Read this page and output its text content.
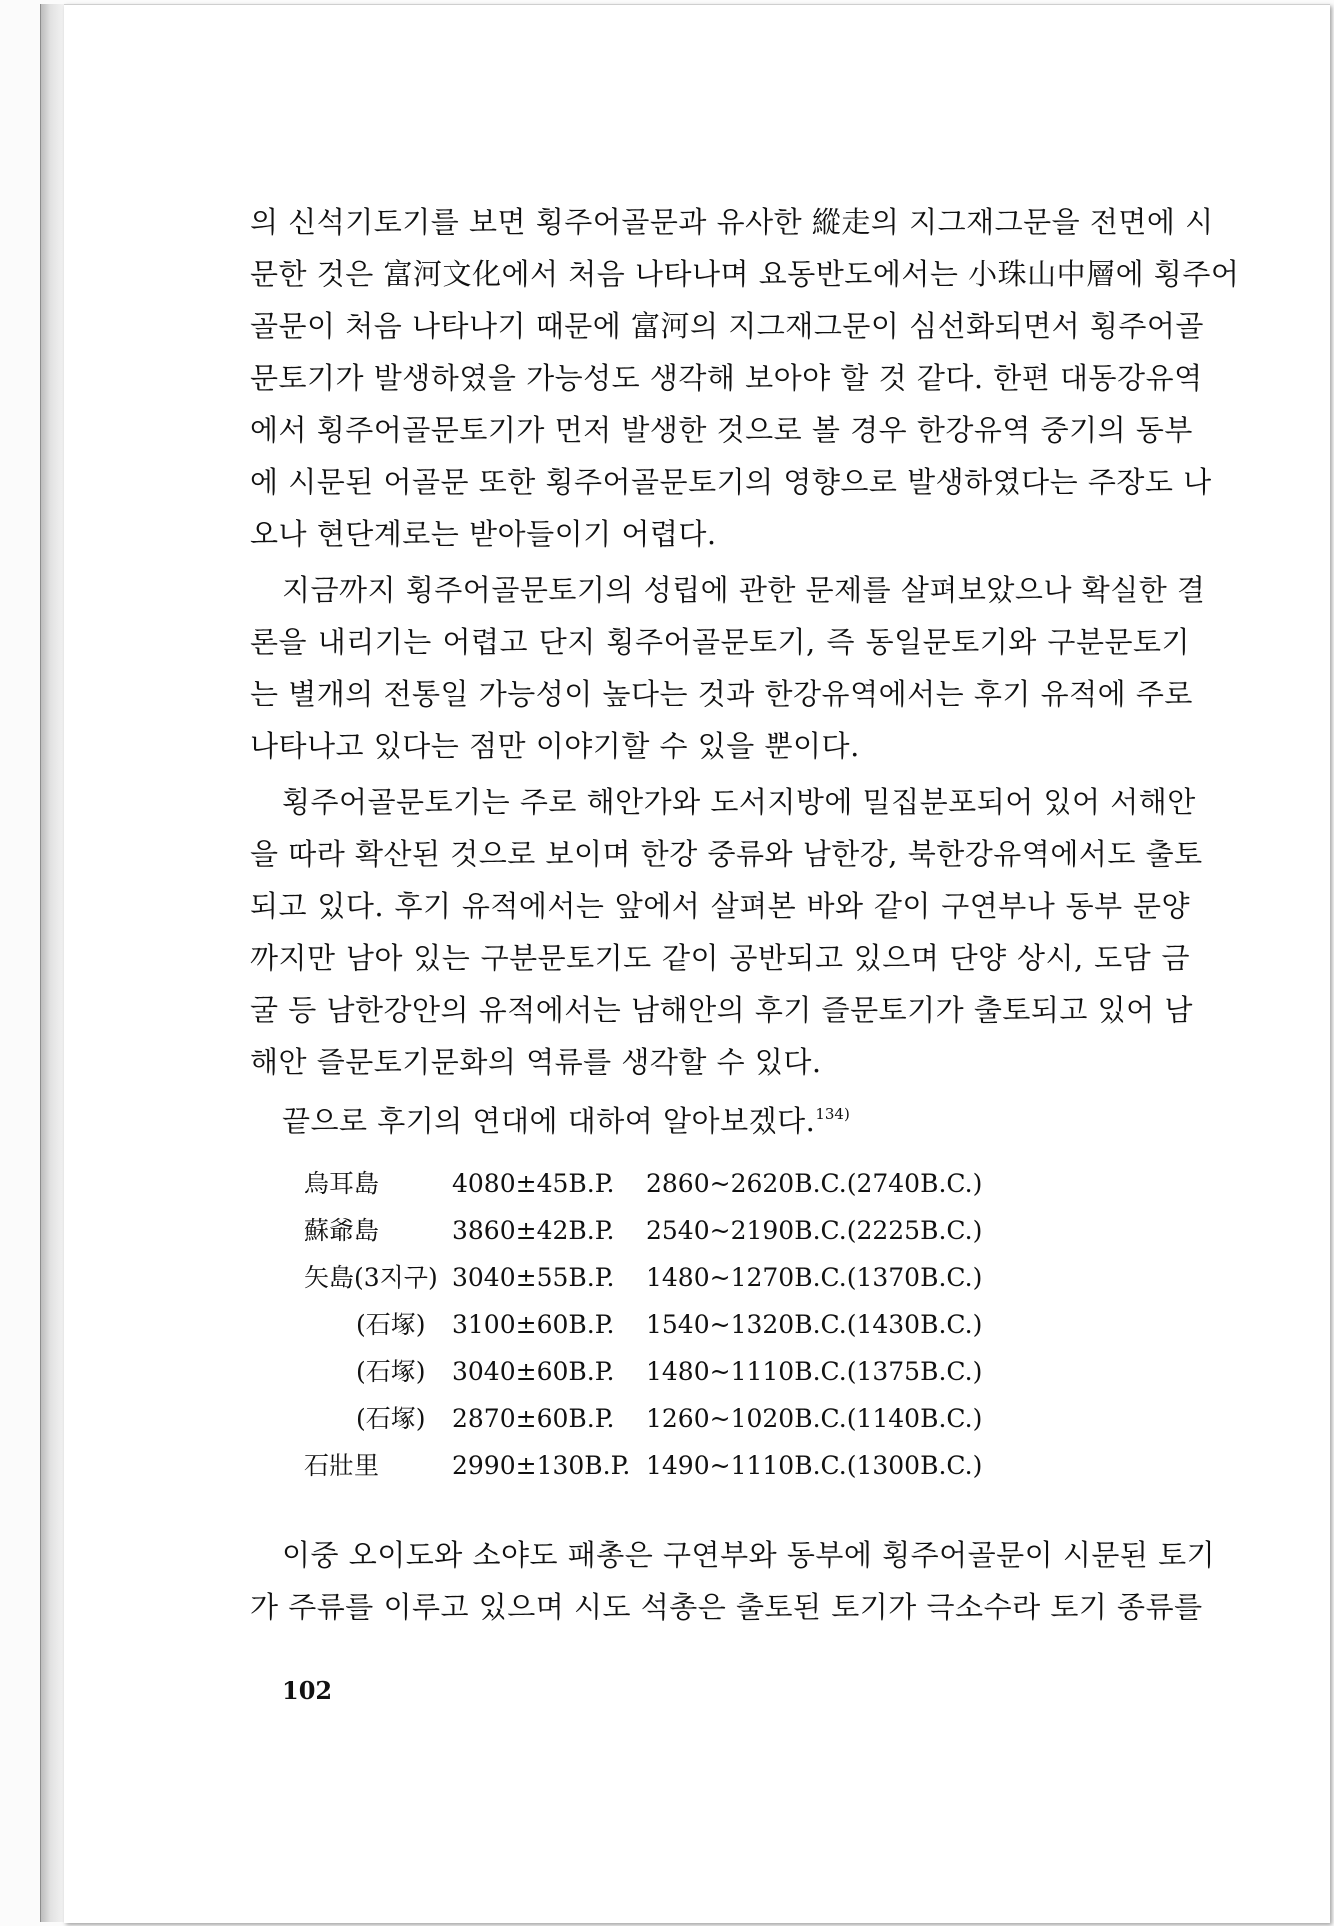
의 신석기토기를 보면 횡주어골문과 유사한 縱走의 지그재그문을 전면에 시
문한 것은 富河文化에서 처음 나타나며 요동반도에서는 小珠山中層에 횡주어
골문이 처음 나타나기 때문에 富河의 지그재그문이 심선화되면서 횡주어골
문토기가 발생하였을 가능성도 생각해 보아야 할 것 같다. 한편 대동강유역
에서 횡주어골문토기가 먼저 발생한 것으로 볼 경우 한강유역 중기의 동부
에 시문된 어골문 또한 횡주어골문토기의 영향으로 발생하였다는 주장도 나
오나 현단계로는 받아들이기 어렵다.
지금까지 횡주어골문토기의 성립에 관한 문제를 살펴보았으나 확실한 결
론을 내리기는 어렵고 단지 횡주어골문토기, 즉 동일문토기와 구분문토기
는 별개의 전통일 가능성이 높다는 것과 한강유역에서는 후기 유적에 주로
나타나고 있다는 점만 이야기할 수 있을 뿐이다.
횡주어골문토기는 주로 해안가와 도서지방에 밀집분포되어 있어 서해안
을 따라 확산된 것으로 보이며 한강 중류와 남한강, 북한강유역에서도 출토
되고 있다. 후기 유적에서는 앞에서 살펴본 바와 같이 구연부나 동부 문양
까지만 남아 있는 구분문토기도 같이 공반되고 있으며 단양 상시, 도담 금
굴 등 남한강안의 유적에서는 남해안의 후기 즐문토기가 출토되고 있어 남
해안 즐문토기문화의 역류를 생각할 수 있다.
끝으로 후기의 연대에 대하여 알아보겠다.$^{134)}$
烏耳島	4080±45B.P.	2860~2620B.C.(2740B.C.)
蘇爺島	3860±42B.P.	2540~2190B.C.(2225B.C.)
矢島(3지구) 3040±55B.P.	1480~1270B.C.(1370B.C.)
(石塚)	3100±60B.P.	1540~1320B.C.(1430B.C.)
(石塚)	3040±60B.P.	1480~1110B.C.(1375B.C.)
(石塚)	2870±60B.P.	1260~1020B.C.(1140B.C.)
石壯里	2990±130B.P. 1490~1110B.C.(1300B.C.)
이중 오이도와 소야도 패총은 구연부와 동부에 횡주어골문이 시문된 토기
가 주류를 이루고 있으며 시도 석총은 출토된 토기가 극소수라 토기 종류를
102
